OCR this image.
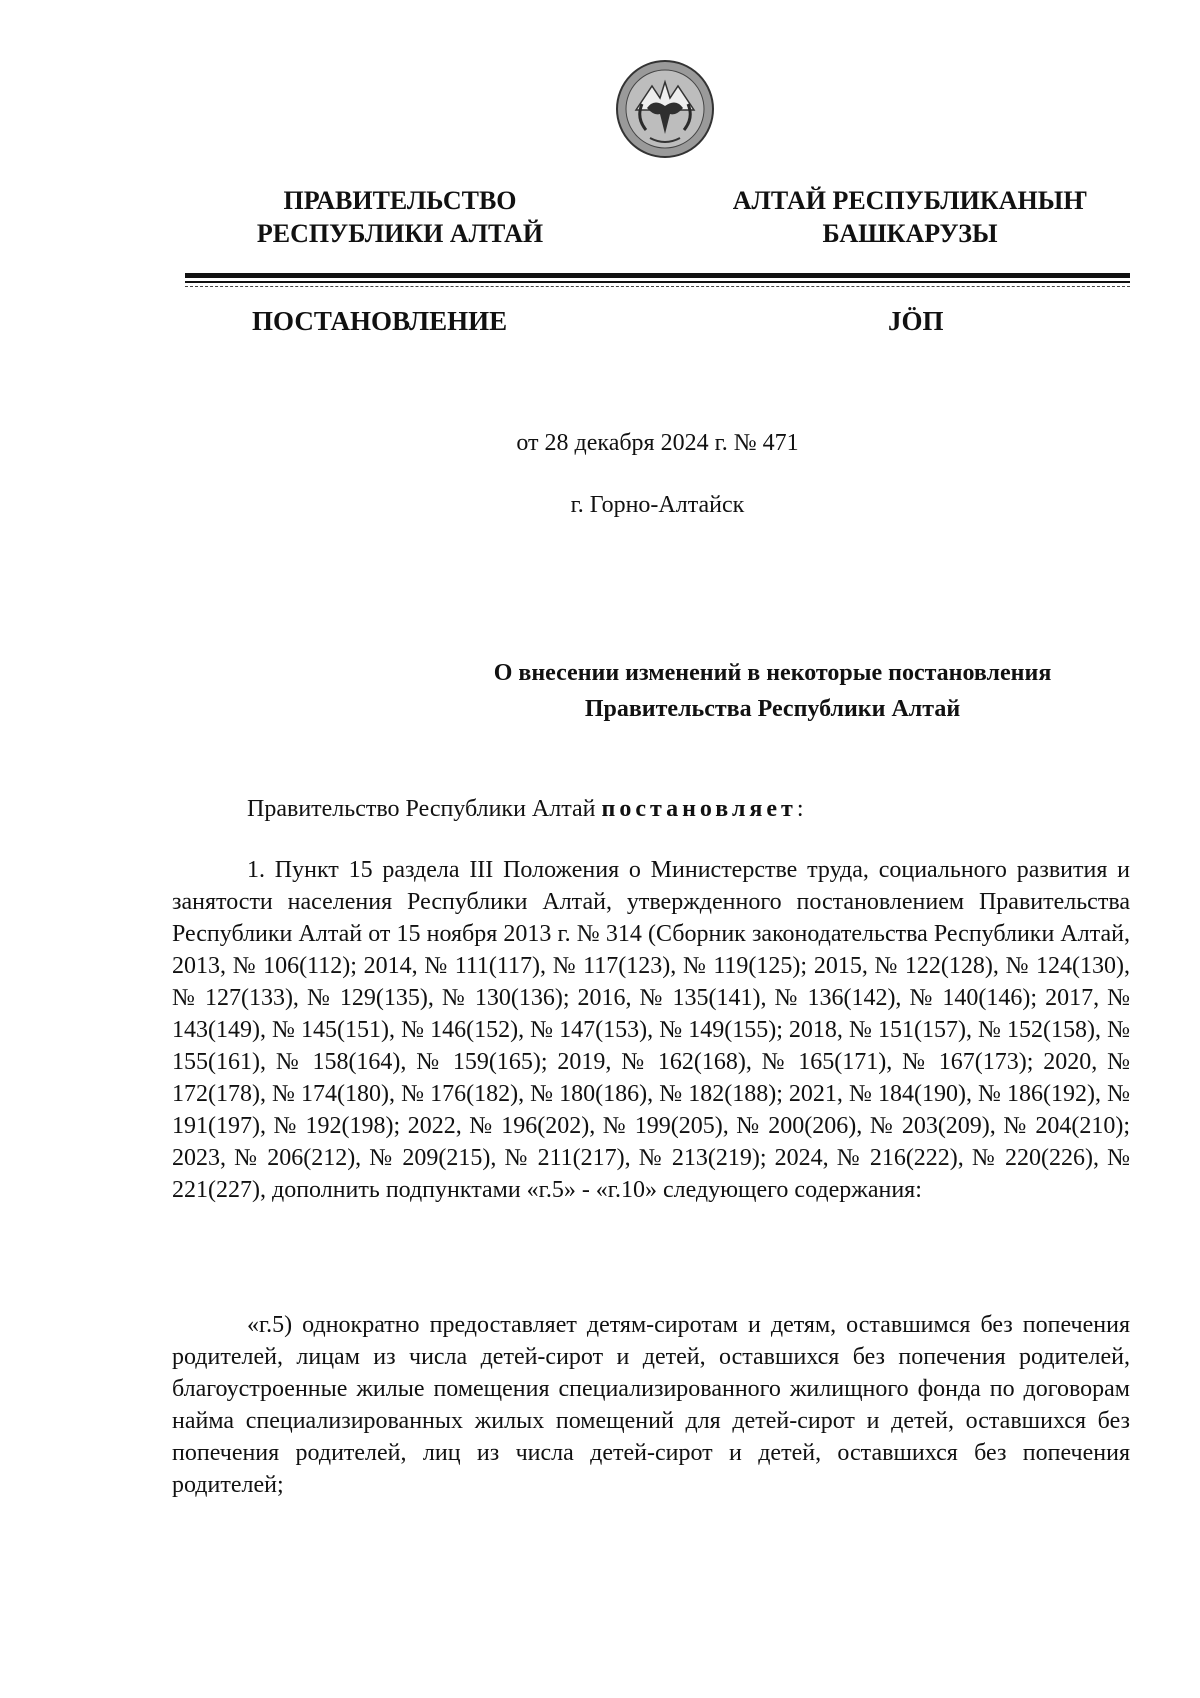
ПРАВИТЕЛЬСТВО
РЕСПУБЛИКИ АЛТАЙ
АЛТАЙ РЕСПУБЛИКАНЫҤ
БАШКАРУЗЫ
ПОСТАНОВЛЕНИЕ	JӦП
от 28 декабря 2024 г. № 471
г. Горно-Алтайск
О внесении изменений в некоторые постановления
Правительства Республики Алтай

Правительство Республики Алтай постановляет:

1. Пункт 15 раздела III Положения о Министерстве труда, социального развития и занятости населения Республики Алтай, утвержденного постановлением Правительства Республики Алтай от 15 ноября 2013 г. № 314 (Сборник законодательства Республики Алтай, 2013, № 106(112); 2014, № 111(117), № 117(123), № 119(125); 2015, № 122(128), № 124(130), № 127(133), № 129(135), № 130(136); 2016, № 135(141), № 136(142), № 140(146); 2017, № 143(149), № 145(151), № 146(152), № 147(153), № 149(155); 2018, № 151(157), № 152(158), № 155(161), № 158(164), № 159(165); 2019, № 162(168), № 165(171), № 167(173); 2020, № 172(178), № 174(180), № 176(182), № 180(186), № 182(188); 2021, № 184(190), № 186(192), № 191(197), № 192(198); 2022, № 196(202), № 199(205), № 200(206), № 203(209), № 204(210); 2023, № 206(212), № 209(215), № 211(217), № 213(219); 2024, № 216(222), № 220(226), № 221(227), дополнить подпунктами «г.5» - «г.10» следующего содержания:

«г.5) однократно предоставляет детям-сиротам и детям, оставшимся без попечения родителей, лицам из числа детей-сирот и детей, оставшихся без попечения родителей, благоустроенные жилые помещения специализированного жилищного фонда по договорам найма специализированных жилых помещений для детей-сирот и детей, оставшихся без попечения родителей, лиц из числа детей-сирот и детей, оставшихся без попечения родителей;
